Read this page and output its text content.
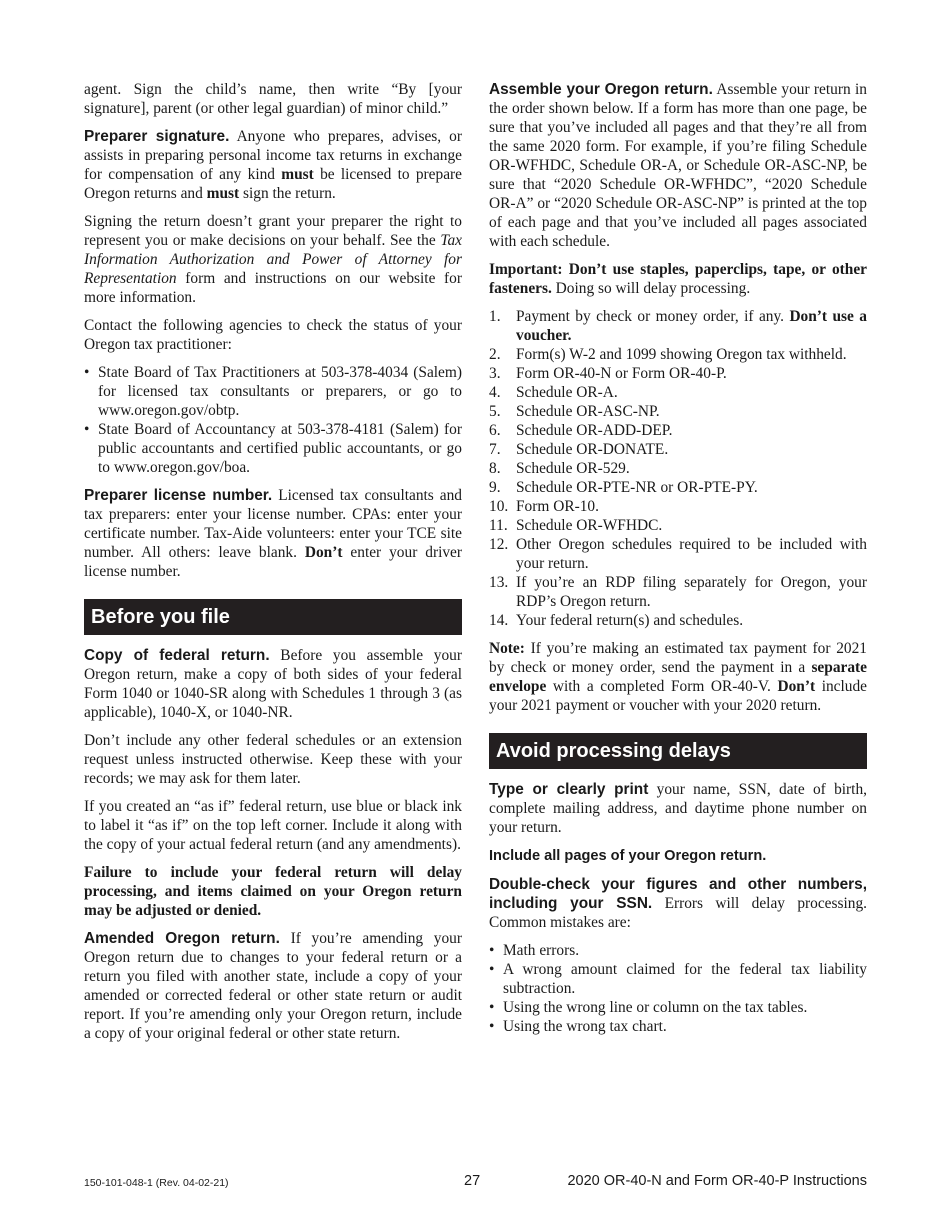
agent. Sign the child’s name, then write “By [your signature], parent (or other legal guardian) of minor child.”

Preparer signature. Anyone who prepares, advises, or assists in preparing personal income tax returns in exchange for compensation of any kind must be licensed to prepare Oregon returns and must sign the return.

Signing the return doesn’t grant your preparer the right to represent you or make decisions on your behalf. See the Tax Information Authorization and Power of Attorney for Representation form and instructions on our website for more information.

Contact the following agencies to check the status of your Oregon tax practitioner:

• State Board of Tax Practitioners at 503-378-4034 (Salem) for licensed tax consultants or preparers, or go to www.oregon.gov/obtp.
• State Board of Accountancy at 503-378-4181 (Salem) for public accountants and certified public accountants, or go to www.oregon.gov/boa.

Preparer license number. Licensed tax consultants and tax preparers: enter your license number. CPAs: enter your certificate number. Tax-Aide volunteers: enter your TCE site number. All others: leave blank. Don’t enter your driver license number.

Before you file

Copy of federal return. Before you assemble your Oregon return, make a copy of both sides of your federal Form 1040 or 1040-SR along with Schedules 1 through 3 (as applicable), 1040-X, or 1040-NR.

Don’t include any other federal schedules or an extension request unless instructed otherwise. Keep these with your records; we may ask for them later.

If you created an “as if” federal return, use blue or black ink to label it “as if” on the top left corner. Include it along with the copy of your actual federal return (and any amendments).

Failure to include your federal return will delay processing, and items claimed on your Oregon return may be adjusted or denied.

Amended Oregon return. If you’re amending your Oregon return due to changes to your federal return or a return you filed with another state, include a copy of your amended or corrected federal or other state return or audit report. If you’re amending only your Oregon return, include a copy of your original federal or other state return.

Assemble your Oregon return. Assemble your return in the order shown below. If a form has more than one page, be sure that you’ve included all pages and that they’re all from the same 2020 form. For example, if you’re filing Schedule OR-WFHDC, Schedule OR-A, or Schedule OR-ASC-NP, be sure that “2020 Schedule OR-WFHDC”, “2020 Schedule OR-A” or “2020 Schedule OR-ASC-NP” is printed at the top of each page and that you’ve included all pages associated with each schedule.

Important: Don’t use staples, paperclips, tape, or other fasteners. Doing so will delay processing.

1. Payment by check or money order, if any. Don’t use a voucher.
2. Form(s) W-2 and 1099 showing Oregon tax withheld.
3. Form OR-40-N or Form OR-40-P.
4. Schedule OR-A.
5. Schedule OR-ASC-NP.
6. Schedule OR-ADD-DEP.
7. Schedule OR-DONATE.
8. Schedule OR-529.
9. Schedule OR-PTE-NR or OR-PTE-PY.
10. Form OR-10.
11. Schedule OR-WFHDC.
12. Other Oregon schedules required to be included with your return.
13. If you’re an RDP filing separately for Oregon, your RDP’s Oregon return.
14. Your federal return(s) and schedules.

Note: If you’re making an estimated tax payment for 2021 by check or money order, send the payment in a separate envelope with a completed Form OR-40-V. Don’t include your 2021 payment or voucher with your 2020 return.

Avoid processing delays

Type or clearly print your name, SSN, date of birth, complete mailing address, and daytime phone number on your return.

Include all pages of your Oregon return.

Double-check your figures and other numbers, including your SSN. Errors will delay processing. Common mistakes are:

• Math errors.
• A wrong amount claimed for the federal tax liability subtraction.
• Using the wrong line or column on the tax tables.
• Using the wrong tax chart.
150-101-048-1 (Rev. 04-02-21)	27	2020 OR-40-N and Form OR-40-P Instructions
